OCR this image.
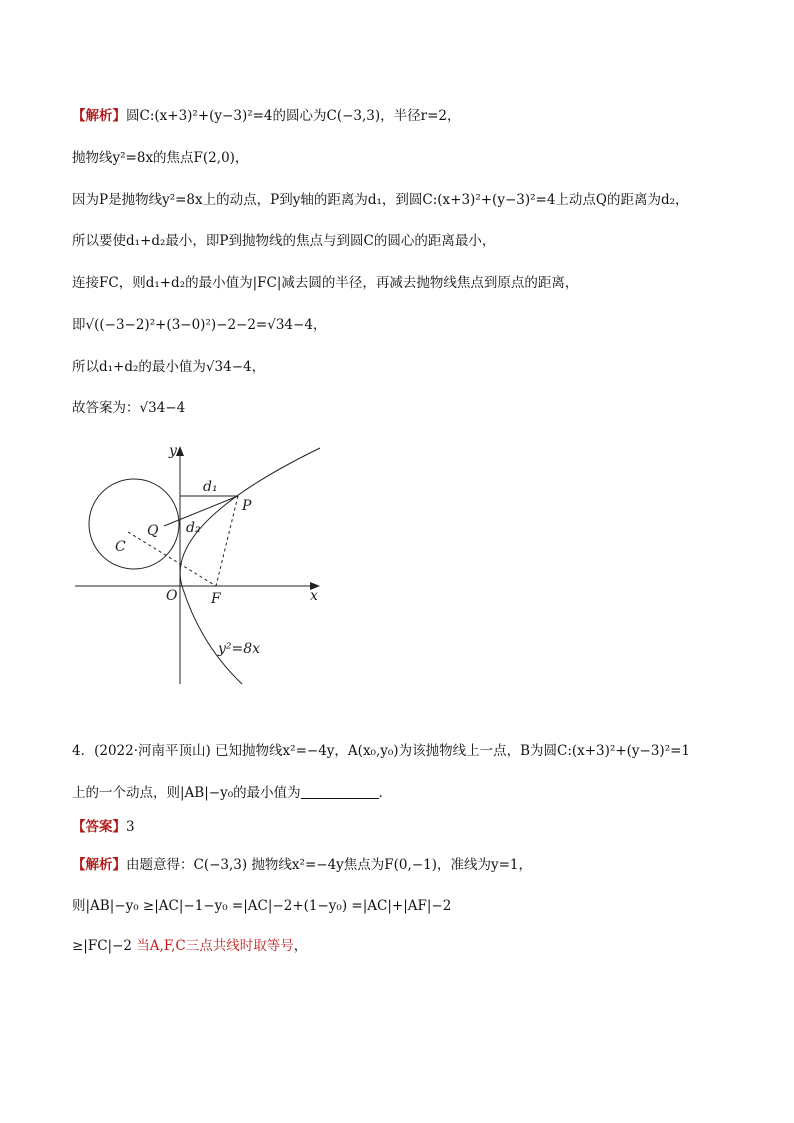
【解析】圆C:(x+3)²+(y−3)²=4的圆心为C(−3,3)，半径r=2，
抛物线y²=8x的焦点F(2,0)，
因为P是抛物线y²=8x上的动点，P到y轴的距离为d₁，到圆C:(x+3)²+(y−3)²=4上动点Q的距离为d₂，
所以要使d₁+d₂最小，即P到抛物线的焦点与到圆C的圆心的距离最小，
连接FC，则d₁+d₂的最小值为|FC|减去圆的半径，再减去抛物线焦点到原点的距离，
即√((−3−2)²+(3−0)²)−2−2=√34−4，
所以d₁+d₂的最小值为√34−4，
故答案为：√34−4
y
x
O F
P
Q
C
d₁
d₂
y²=8x
4．(2022·河南平顶山) 已知抛物线x²=−4y，A(x₀,y₀)为该抛物线上一点，B为圆C:(x+3)²+(y−3)²=1
上的一个动点，则|AB|−y₀的最小值为	．
【答案】3
【解析】由题意得：C(−3,3) 抛物线x²=−4y焦点为F(0,−1)，准线为y=1，
则|AB|−y₀ ≥|AC|−1−y₀ =|AC|−2+(1−y₀) =|AC|+|AF|−2
≥|FC|−2 当A,F,C三点共线时取等号，
